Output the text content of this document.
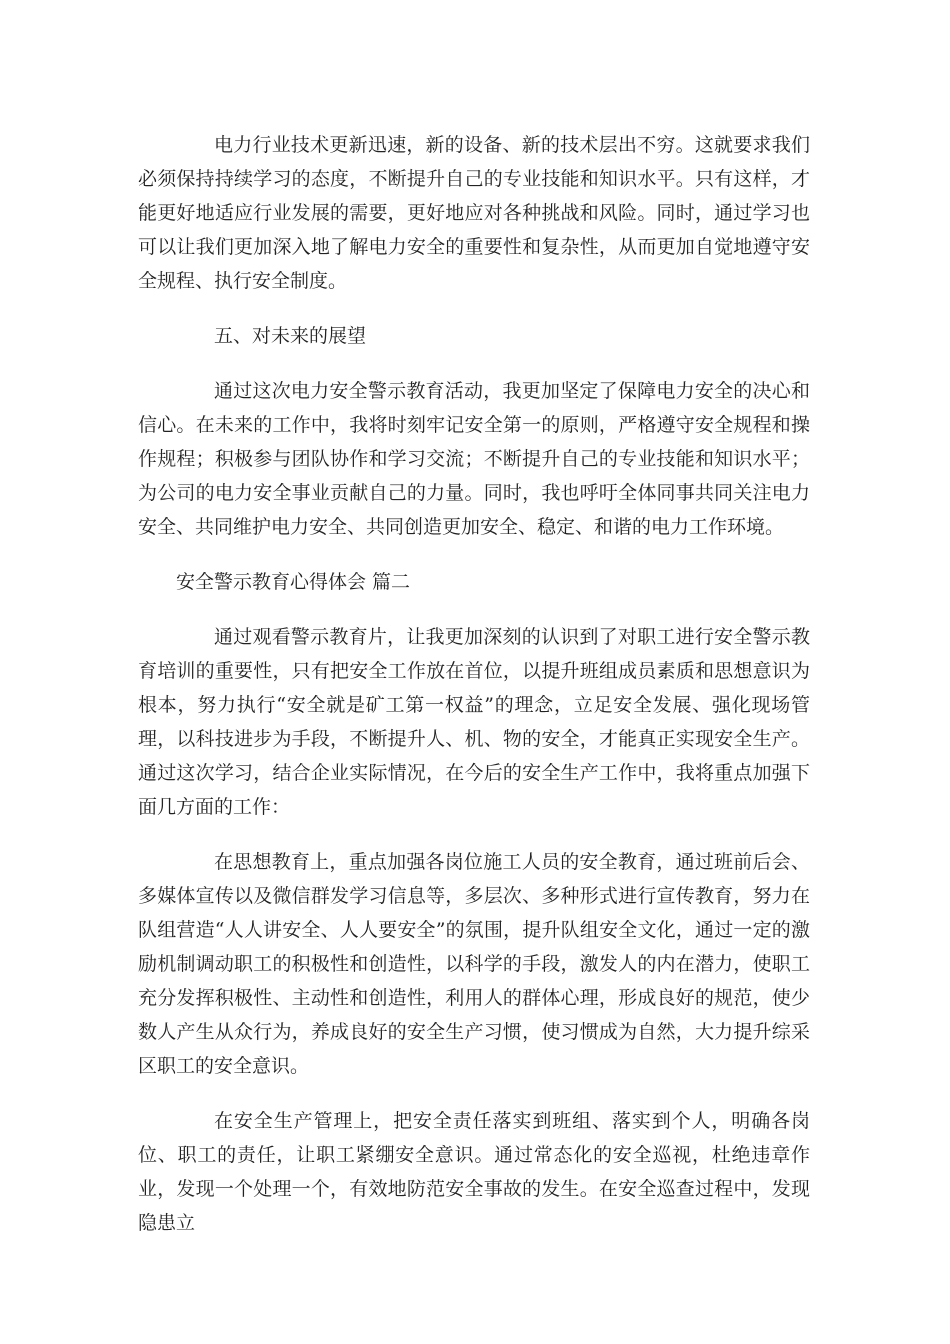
电力行业技术更新迅速，新的设备、新的技术层出不穷。这就要求我们必须保持持续学习的态度，不断提升自己的专业技能和知识水平。只有这样，才能更好地适应行业发展的需要，更好地应对各种挑战和风险。同时，通过学习也可以让我们更加深入地了解电力安全的重要性和复杂性，从而更加自觉地遵守安全规程、执行安全制度。

五、对未来的展望

通过这次电力安全警示教育活动，我更加坚定了保障电力安全的决心和信心。在未来的工作中，我将时刻牢记安全第一的原则，严格遵守安全规程和操作规程；积极参与团队协作和学习交流；不断提升自己的专业技能和知识水平；为公司的电力安全事业贡献自己的力量。同时，我也呼吁全体同事共同关注电力安全、共同维护电力安全、共同创造更加安全、稳定、和谐的电力工作环境。

安全警示教育心得体会 篇二

通过观看警示教育片，让我更加深刻的认识到了对职工进行安全警示教育培训的重要性，只有把安全工作放在首位，以提升班组成员素质和思想意识为根本，努力执行“安全就是矿工第一权益”的理念，立足安全发展、强化现场管理，以科技进步为手段，不断提升人、机、物的安全，才能真正实现安全生产。通过这次学习，结合企业实际情况，在今后的安全生产工作中，我将重点加强下面几方面的工作：

在思想教育上，重点加强各岗位施工人员的安全教育，通过班前后会、多媒体宣传以及微信群发学习信息等，多层次、多种形式进行宣传教育，努力在队组营造“人人讲安全、人人要安全”的氛围，提升队组安全文化，通过一定的激励机制调动职工的积极性和创造性，以科学的手段，激发人的内在潜力，使职工充分发挥积极性、主动性和创造性，利用人的群体心理，形成良好的规范，使少数人产生从众行为，养成良好的安全生产习惯，使习惯成为自然，大力提升综采区职工的安全意识。

在安全生产管理上，把安全责任落实到班组、落实到个人，明确各岗位、职工的责任，让职工紧绷安全意识。通过常态化的安全巡视，杜绝违章作业，发现一个处理一个，有效地防范安全事故的发生。在安全巡查过程中，发现隐患立
